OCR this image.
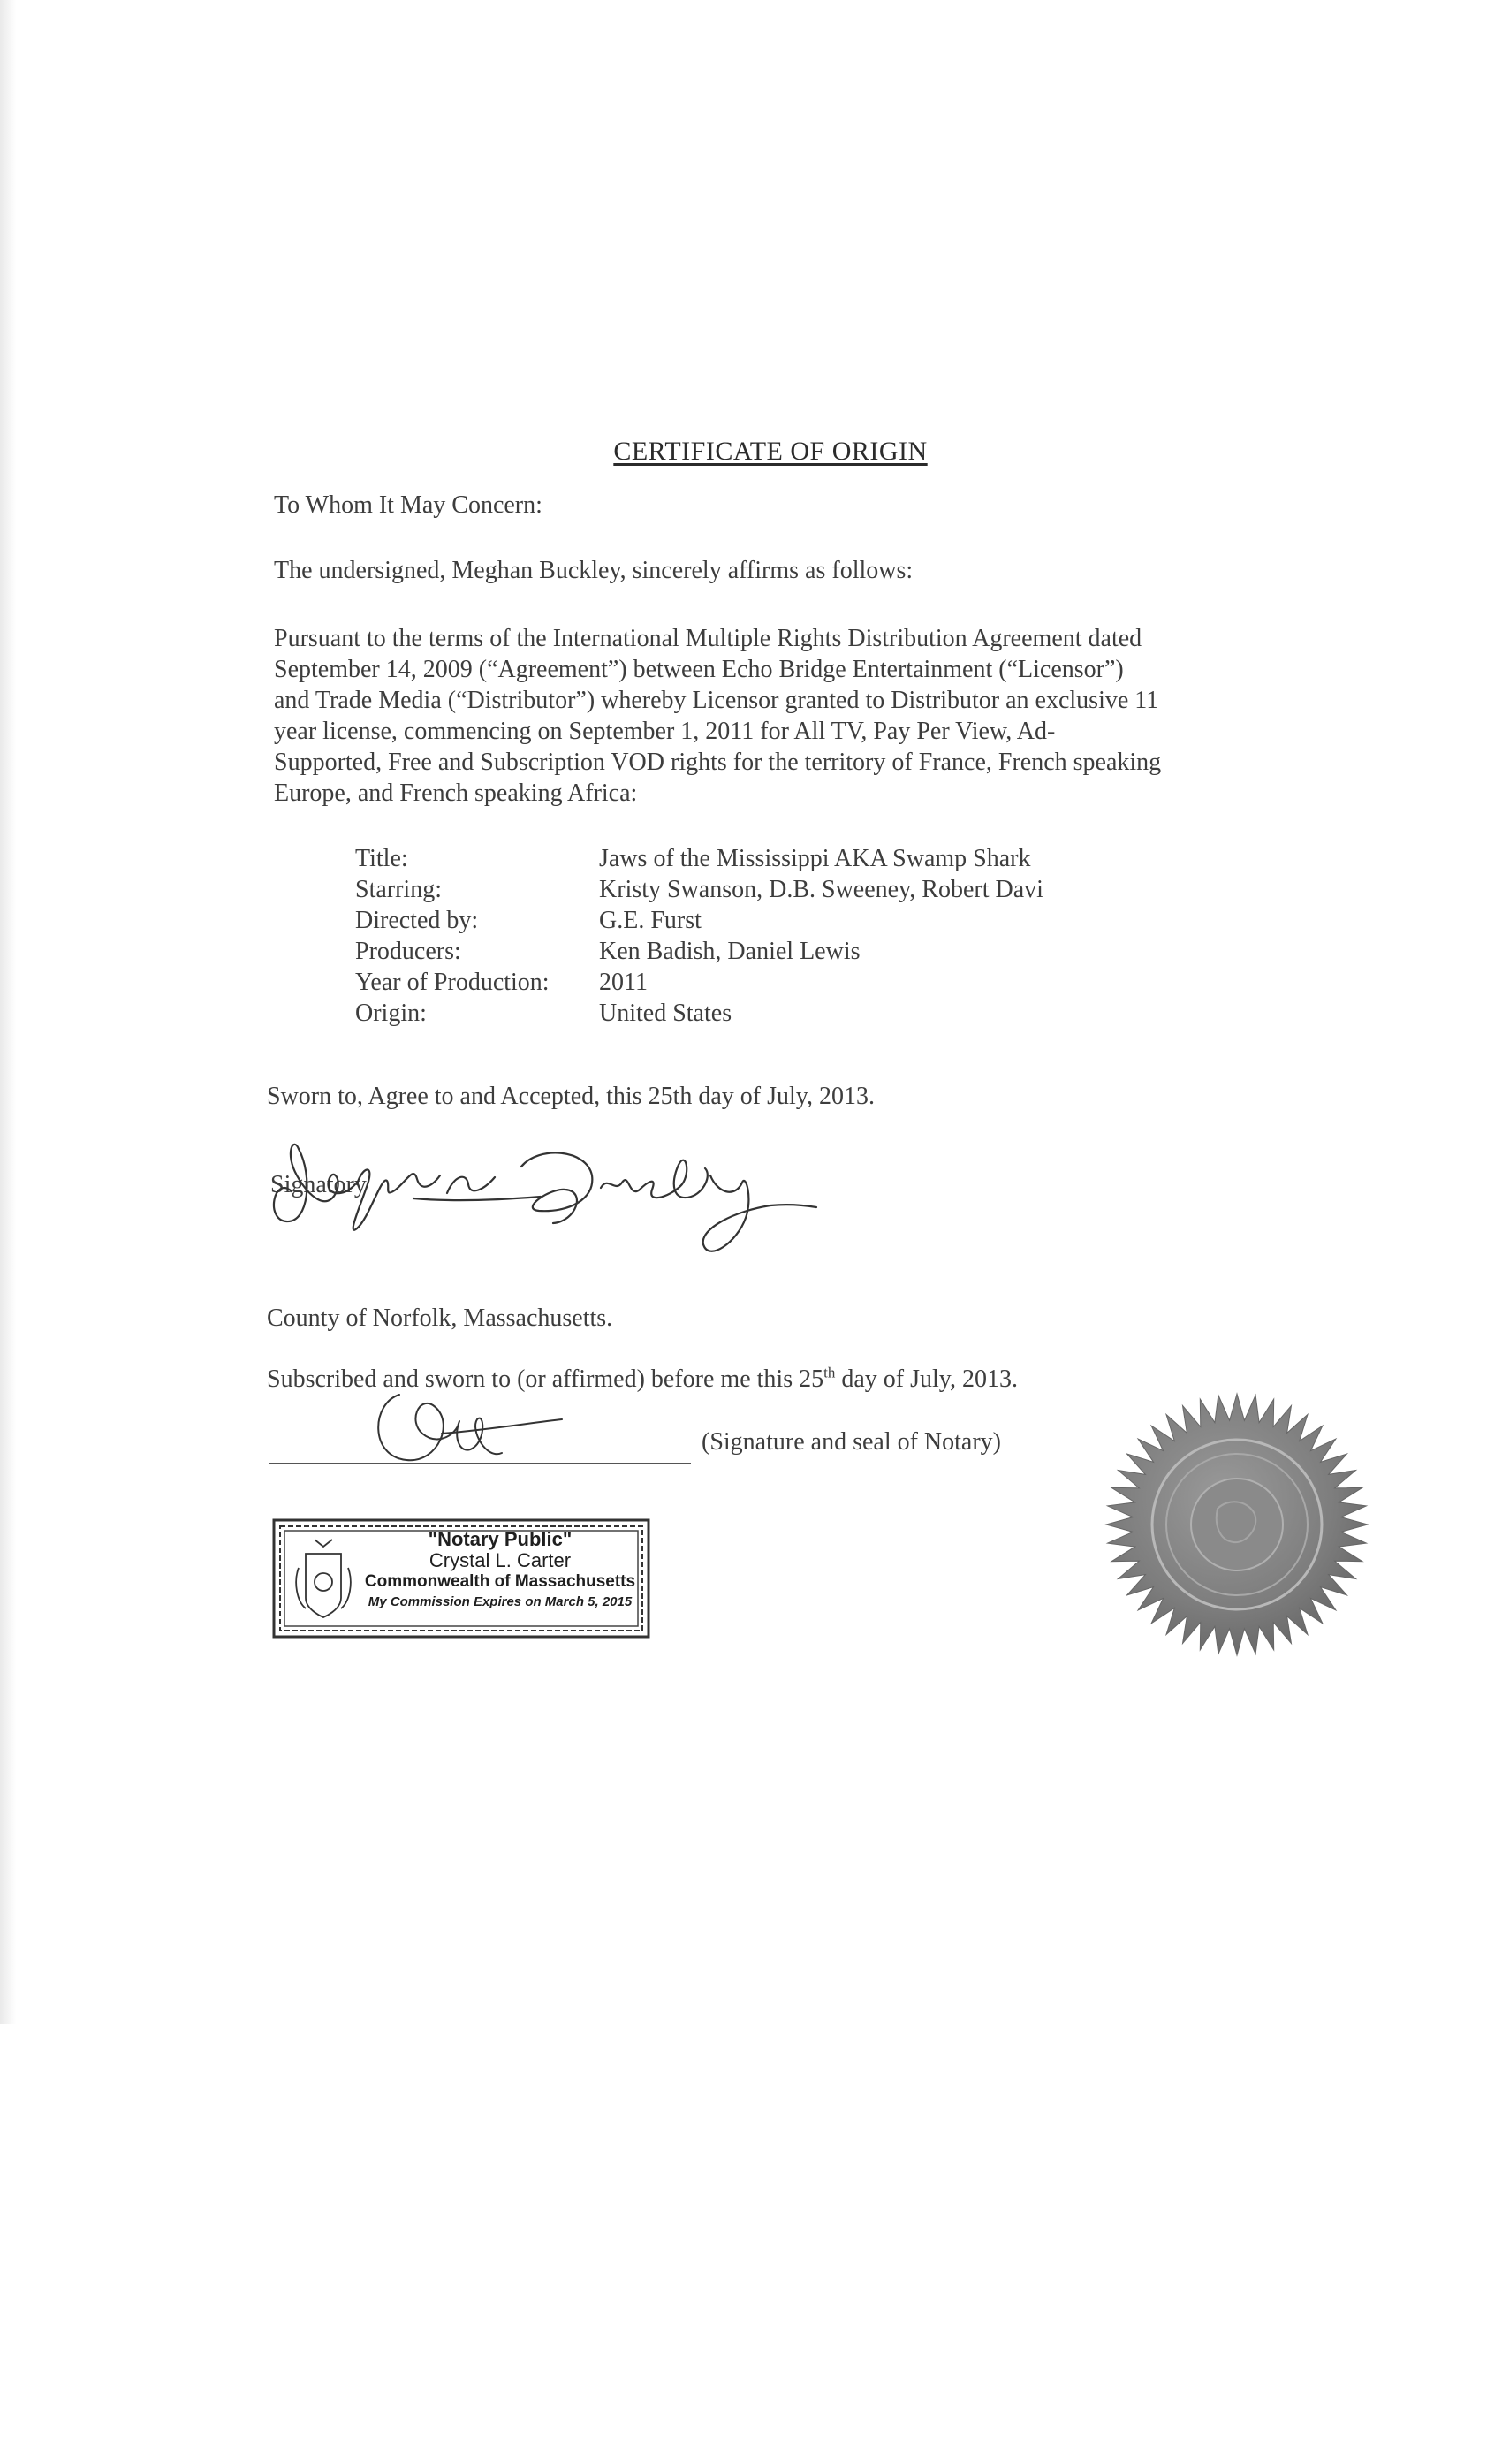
CERTIFICATE OF ORIGIN
To Whom It May Concern:
The undersigned, Meghan Buckley, sincerely affirms as follows:
Pursuant to the terms of the International Multiple Rights Distribution Agreement dated
September 14, 2009 (“Agreement”) between Echo Bridge Entertainment (“Licensor”)
and Trade Media (“Distributor”) whereby Licensor granted to Distributor an exclusive 11
year license, commencing on September 1, 2011 for All TV, Pay Per View, Ad-
Supported, Free and Subscription VOD rights for the territory of France, French speaking
Europe, and French speaking Africa:
Title:	Jaws of the Mississippi AKA Swamp Shark
Starring:	Kristy Swanson, D.B. Sweeney, Robert Davi
Directed by:	G.E. Furst
Producers:	Ken Badish, Daniel Lewis
Year of Production: 2011
Origin:	United States
Sworn to, Agree to and Accepted, this 25th day of July, 2013.
Signatory
County of Norfolk, Massachusetts.
Subscribed and sworn to (or affirmed) before me this 25th day of July, 2013.
(Signature and seal of Notary)
"Notary Public"
Crystal L. Carter
Commonwealth of Massachusetts
My Commission Expires on March 5, 2015
